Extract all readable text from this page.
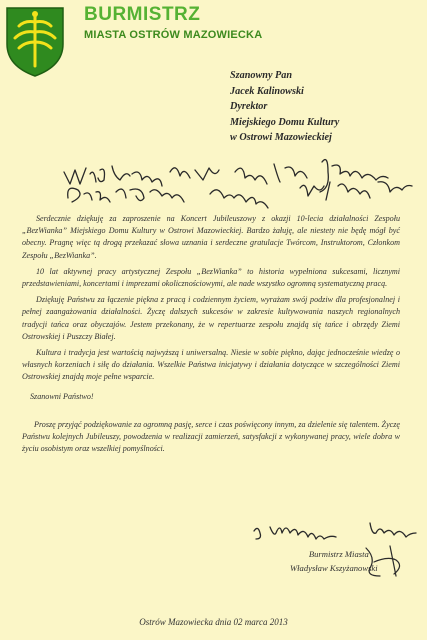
BURMISTRZ
MIASTA OSTRÓW MAZOWIECKA
Szanowny Pan
Jacek Kalinowski
Dyrektor
Miejskiego Domu Kultury
w Ostrowi Mazowieckiej

Serdecznie dziękuję za zaproszenie na Koncert Jubileuszowy z okazji 10-lecia działalności Zespołu „BezWianka” Miejskiego Domu Kultury w Ostrowi Mazowieckiej. Bardzo żałuję, ale niestety nie będę mógł być obecny. Pragnę więc tą drogą przekazać słowa uznania i serdeczne gratulacje Twórcom, Instruktorom, Członkom Zespołu „BezWianka”.

10 lat aktywnej pracy artystycznej Zespołu „BezWianka” to historia wypełniona sukcesami, licznymi przedstawieniami, koncertami i imprezami okolicznościowymi, ale nade wszystko ogromną systematyczną pracą.

Dziękuję Państwu za łączenie piękna z pracą i codziennym życiem, wyrażam swój podziw dla profesjonalnej i pełnej zaangażowania działalności. Życzę dalszych sukcesów w zakresie kultywowania naszych regionalnych tradycji tańca oraz obyczajów. Jestem przekonany, że w repertuarze zespołu znajdą się tańce i obrzędy Ziemi Ostrowskiej i Puszczy Białej.

Kultura i tradycja jest wartością najwyższą i uniwersalną. Niesie w sobie piękno, dając jednocześnie wiedzę o własnych korzeniach i siłę do działania. Wszelkie Państwa inicjatywy i działania dotyczące w szczególności Ziemi Ostrowskiej znajdą moje pełne wsparcie.

Szanowni Państwo!

Proszę przyjąć podziękowanie za ogromną pasję, serce i czas poświęcony innym, za dzielenie się talentem. Życzę Państwu kolejnych Jubileuszy, powodzenia w realizacji zamierzeń, satysfakcji z wykonywanej pracy, wiele dobra w życiu osobistym oraz wszelkiej pomyślności.

Burmistrz Miasta
Władysław Kszyżanowski
Ostrów Mazowiecka dnia 02 marca 2013
